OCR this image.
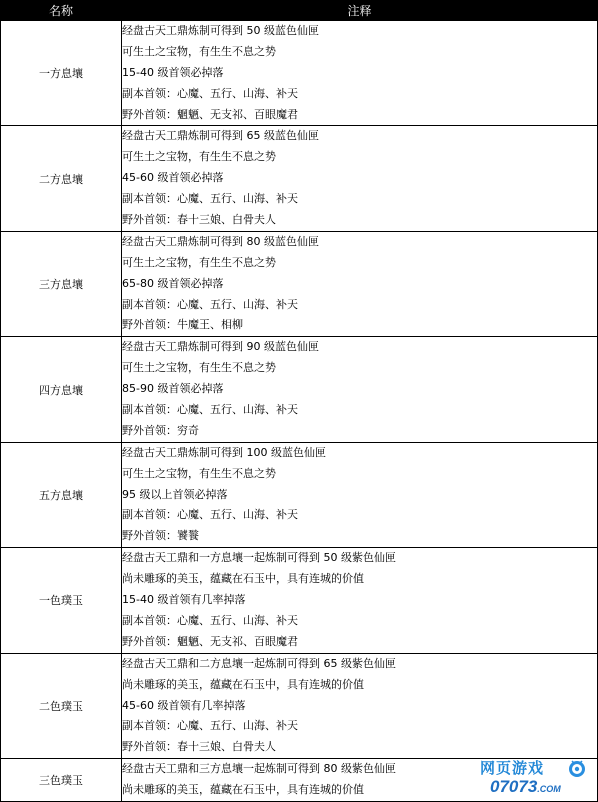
名称	注释
一方息壤	经盘古天工鼎炼制可得到 50 级蓝色仙匣
可生土之宝物，有生生不息之势
15-40 级首领必掉落
副本首领：心魔、五行、山海、补天
野外首领：魍魉、无支祁、百眼魔君

二方息壤	经盘古天工鼎炼制可得到 65 级蓝色仙匣
可生土之宝物，有生生不息之势
45-60 级首领必掉落
副本首领：心魔、五行、山海、补天
野外首领：春十三娘、白骨夫人

三方息壤	经盘古天工鼎炼制可得到 80 级蓝色仙匣
可生土之宝物，有生生不息之势
65-80 级首领必掉落
副本首领：心魔、五行、山海、补天
野外首领：牛魔王、相柳

四方息壤	经盘古天工鼎炼制可得到 90 级蓝色仙匣
可生土之宝物，有生生不息之势
85-90 级首领必掉落
副本首领：心魔、五行、山海、补天
野外首领：穷奇

五方息壤	经盘古天工鼎炼制可得到 100 级蓝色仙匣
可生土之宝物，有生生不息之势
95 级以上首领必掉落
副本首领：心魔、五行、山海、补天
野外首领：饕餮

一色璞玉	经盘古天工鼎和一方息壤一起炼制可得到 50 级紫色仙匣
尚未雕琢的美玉，蕴藏在石玉中，具有连城的价值
15-40 级首领有几率掉落
副本首领：心魔、五行、山海、补天
野外首领：魍魉、无支祁、百眼魔君

二色璞玉	经盘古天工鼎和二方息壤一起炼制可得到 65 级紫色仙匣
尚未雕琢的美玉，蕴藏在石玉中，具有连城的价值
45-60 级首领有几率掉落
副本首领：心魔、五行、山海、补天
野外首领：春十三娘、白骨夫人

三色璞玉	经盘古天工鼎和三方息壤一起炼制可得到 80 级紫色仙匣
尚未雕琢的美玉，蕴藏在石玉中，具有连城的价值
网页游戏
07073.COM
